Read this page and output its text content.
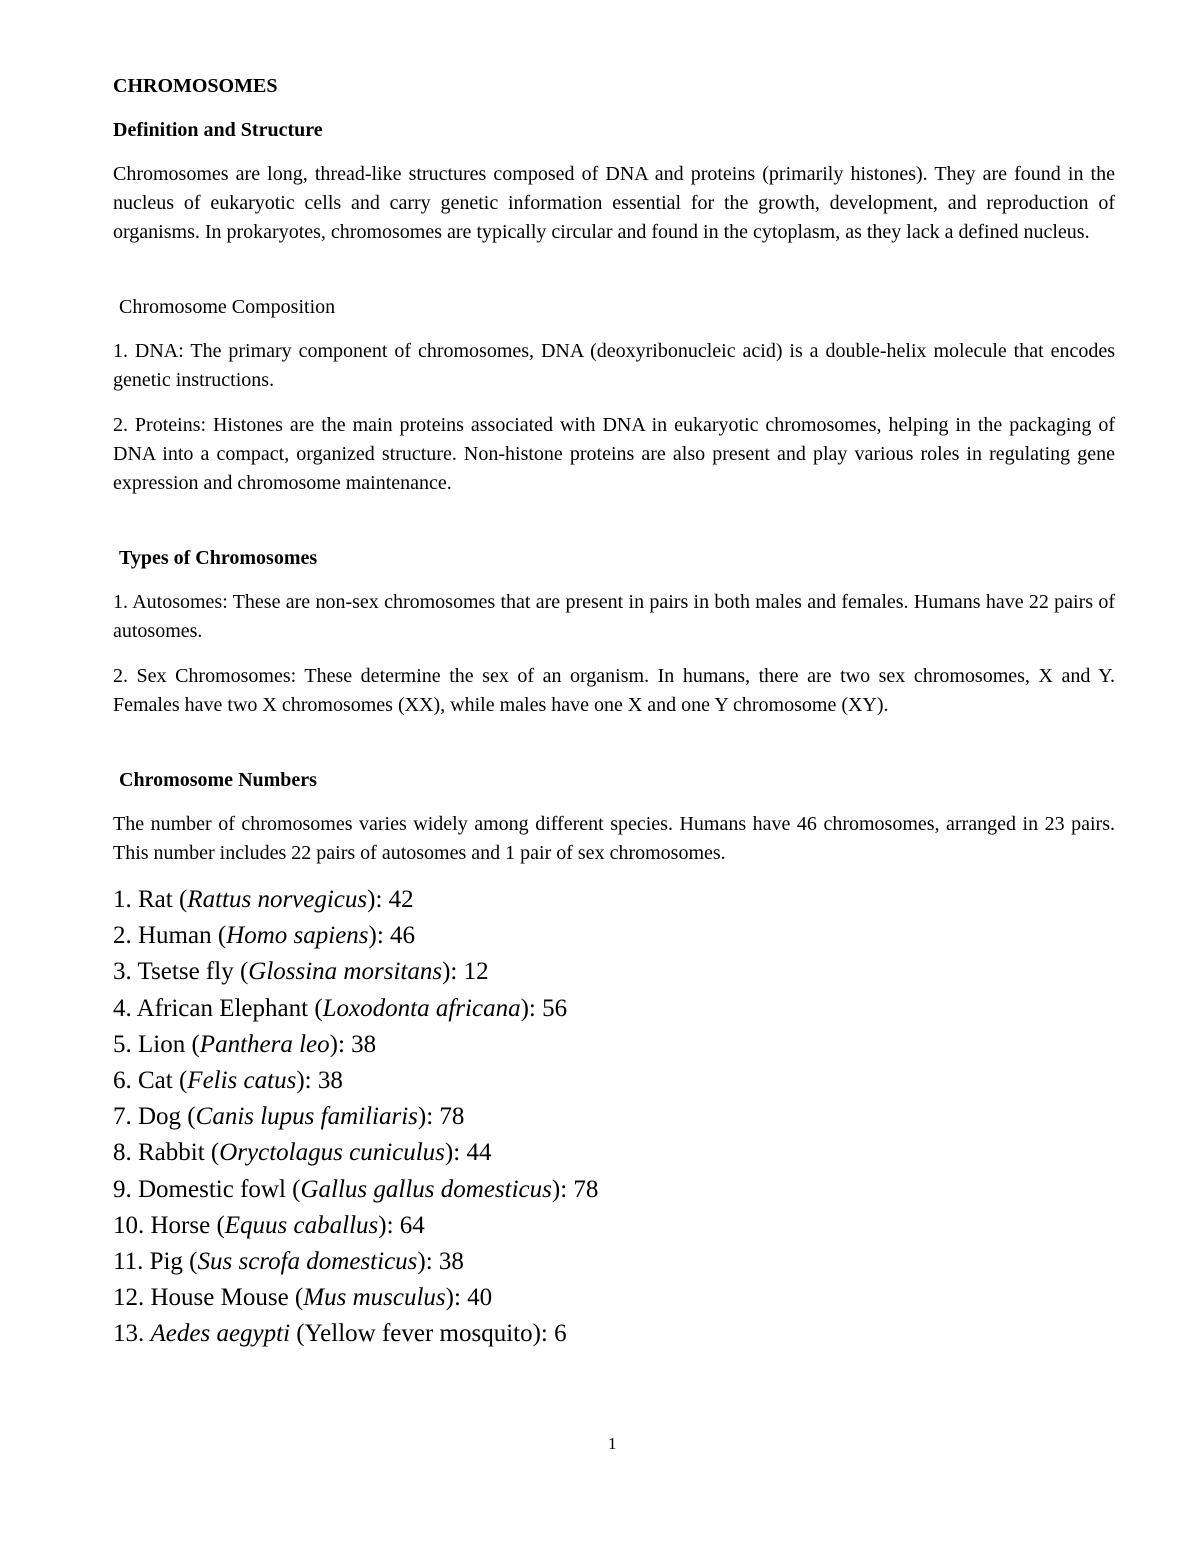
CHROMOSOMES
Definition and Structure

Chromosomes are long, thread-like structures composed of DNA and proteins (primarily histones). They are found in the nucleus of eukaryotic cells and carry genetic information essential for the growth, development, and reproduction of organisms. In prokaryotes, chromosomes are typically circular and found in the cytoplasm, as they lack a defined nucleus.

Chromosome Composition

1. DNA: The primary component of chromosomes, DNA (deoxyribonucleic acid) is a double-helix molecule that encodes genetic instructions.

2. Proteins: Histones are the main proteins associated with DNA in eukaryotic chromosomes, helping in the packaging of DNA into a compact, organized structure. Non-histone proteins are also present and play various roles in regulating gene expression and chromosome maintenance.

Types of Chromosomes

1. Autosomes: These are non-sex chromosomes that are present in pairs in both males and females. Humans have 22 pairs of autosomes.

2. Sex Chromosomes: These determine the sex of an organism. In humans, there are two sex chromosomes, X and Y. Females have two X chromosomes (XX), while males have one X and one Y chromosome (XY).

Chromosome Numbers

The number of chromosomes varies widely among different species. Humans have 46 chromosomes, arranged in 23 pairs. This number includes 22 pairs of autosomes and 1 pair of sex chromosomes.

1. Rat (Rattus norvegicus): 42
2. Human (Homo sapiens): 46
3. Tsetse fly (Glossina morsitans): 12
4. African Elephant (Loxodonta africana): 56
5. Lion (Panthera leo): 38
6. Cat (Felis catus): 38
7. Dog (Canis lupus familiaris): 78
8. Rabbit (Oryctolagus cuniculus): 44
9. Domestic fowl (Gallus gallus domesticus): 78
10. Horse (Equus caballus): 64
11. Pig (Sus scrofa domesticus): 38
12. House Mouse (Mus musculus): 40
13. Aedes aegypti (Yellow fever mosquito): 6
1
